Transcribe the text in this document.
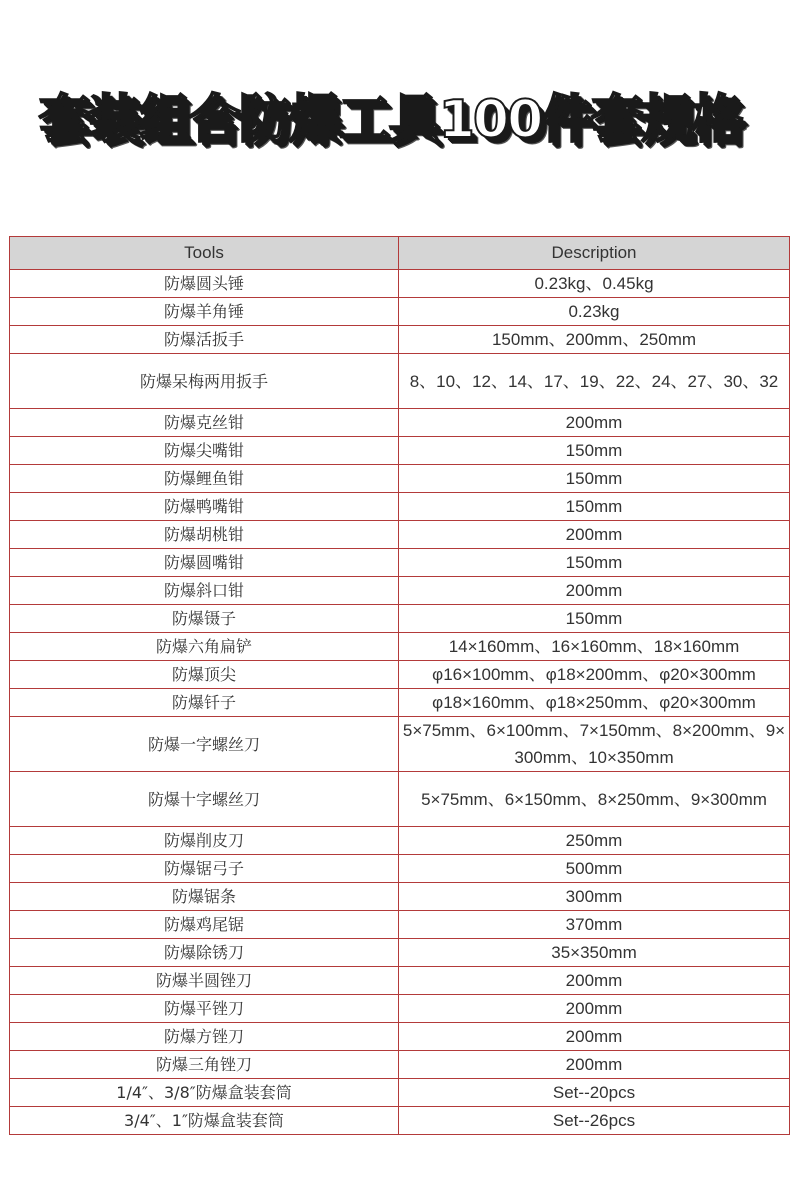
套装组合防爆工具100件套规格
Tools	Description
防爆圆头锤	0.23kg、0.45kg
防爆羊角锤	0.23kg
防爆活扳手	150mm、200mm、250mm
防爆呆梅两用扳手	8、10、12、14、17、19、22、24、27、30、32
防爆克丝钳	200mm
防爆尖嘴钳	150mm
防爆鲤鱼钳	150mm
防爆鸭嘴钳	150mm
防爆胡桃钳	200mm
防爆圆嘴钳	150mm
防爆斜口钳	200mm
防爆镊子	150mm
防爆六角扁铲	14×160mm、16×160mm、18×160mm
防爆顶尖	φ16×100mm、φ18×200mm、φ20×300mm
防爆钎子	φ18×160mm、φ18×250mm、φ20×300mm
防爆一字螺丝刀	5×75mm、6×100mm、7×150mm、8×200mm、9×300mm、10×350mm
防爆十字螺丝刀	5×75mm、6×150mm、8×250mm、9×300mm
防爆削皮刀	250mm
防爆锯弓子	500mm
防爆锯条	300mm
防爆鸡尾锯	370mm
防爆除锈刀	35×350mm
防爆半圆锉刀	200mm
防爆平锉刀	200mm
防爆方锉刀	200mm
防爆三角锉刀	200mm
1/4″、3/8″防爆盒装套筒	Set--20pcs
3/4″、1″防爆盒装套筒	Set--26pcs
